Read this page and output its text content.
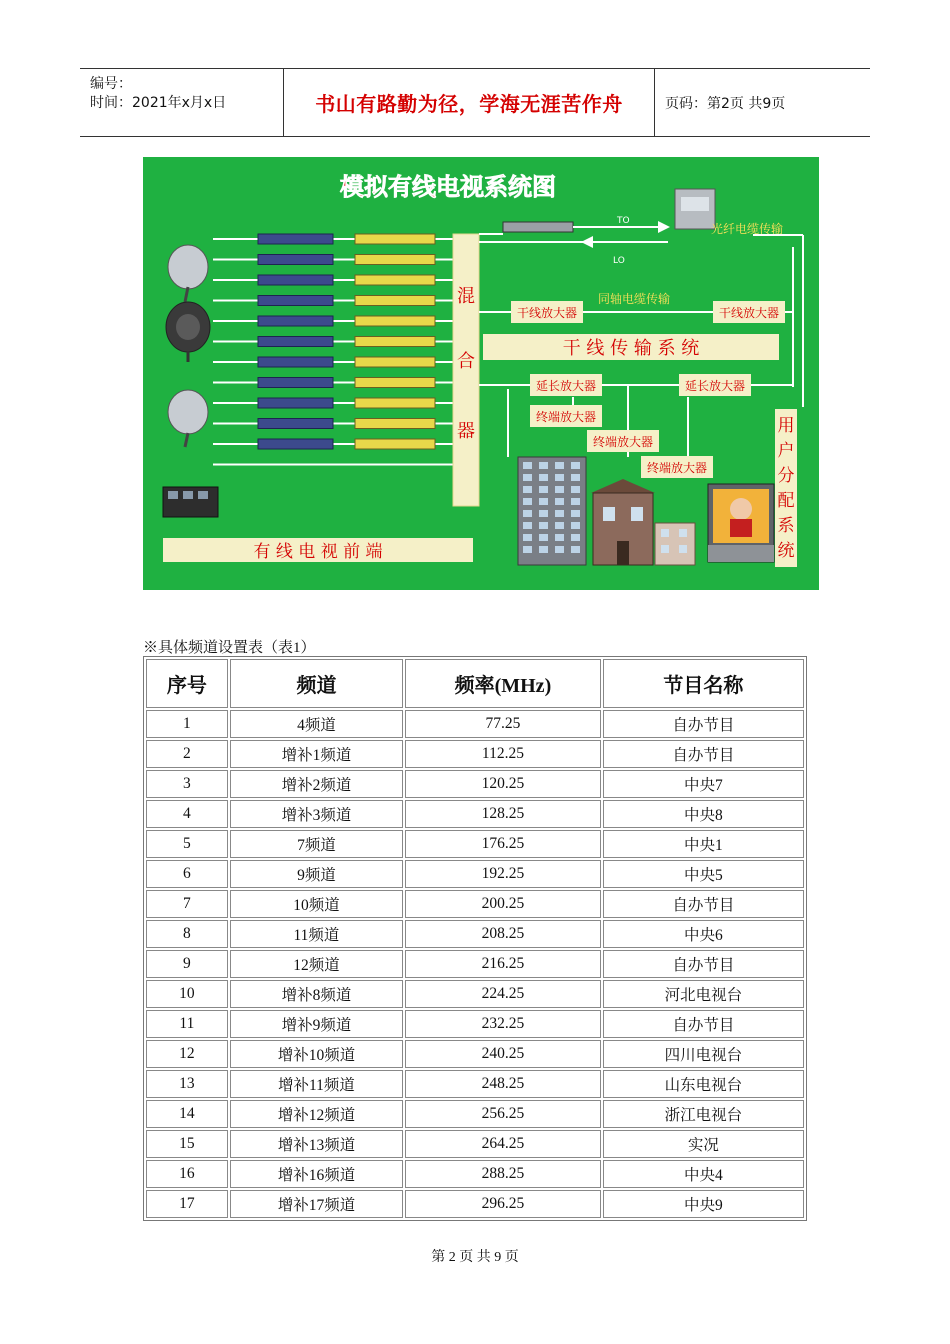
编号：
时间：2021年x月x日	书山有路勤为径，学海无涯苦作舟	页码：第2页 共9页
模拟有线电视系统图
混
合
器
TO
LO
光纤电缆传输
同轴电缆传输
干线放大器	干线放大器
干 线 传 输 系 统
延长放大器	延长放大器
终端放大器
终端放大器
终端放大器
用
户
分
配
系
统
有 线 电 视 前 端
※具体频道设置表（表1）
序号	频道	频率(MHz)	节目名称
1	4频道	77.25	自办节目
2	增补1频道	112.25	自办节目
3	增补2频道	120.25	中央7
4	增补3频道	128.25	中央8
5	7频道	176.25	中央1
6	9频道	192.25	中央5
7	10频道	200.25	自办节目
8	11频道	208.25	中央6
9	12频道	216.25	自办节目
10	增补8频道	224.25	河北电视台
11	增补9频道	232.25	自办节目
12	增补10频道	240.25	四川电视台
13	增补11频道	248.25	山东电视台
14	增补12频道	256.25	浙江电视台
15	增补13频道	264.25	实况
16	增补16频道	288.25	中央4
17	增补17频道	296.25	中央9
第 2 页 共 9 页
